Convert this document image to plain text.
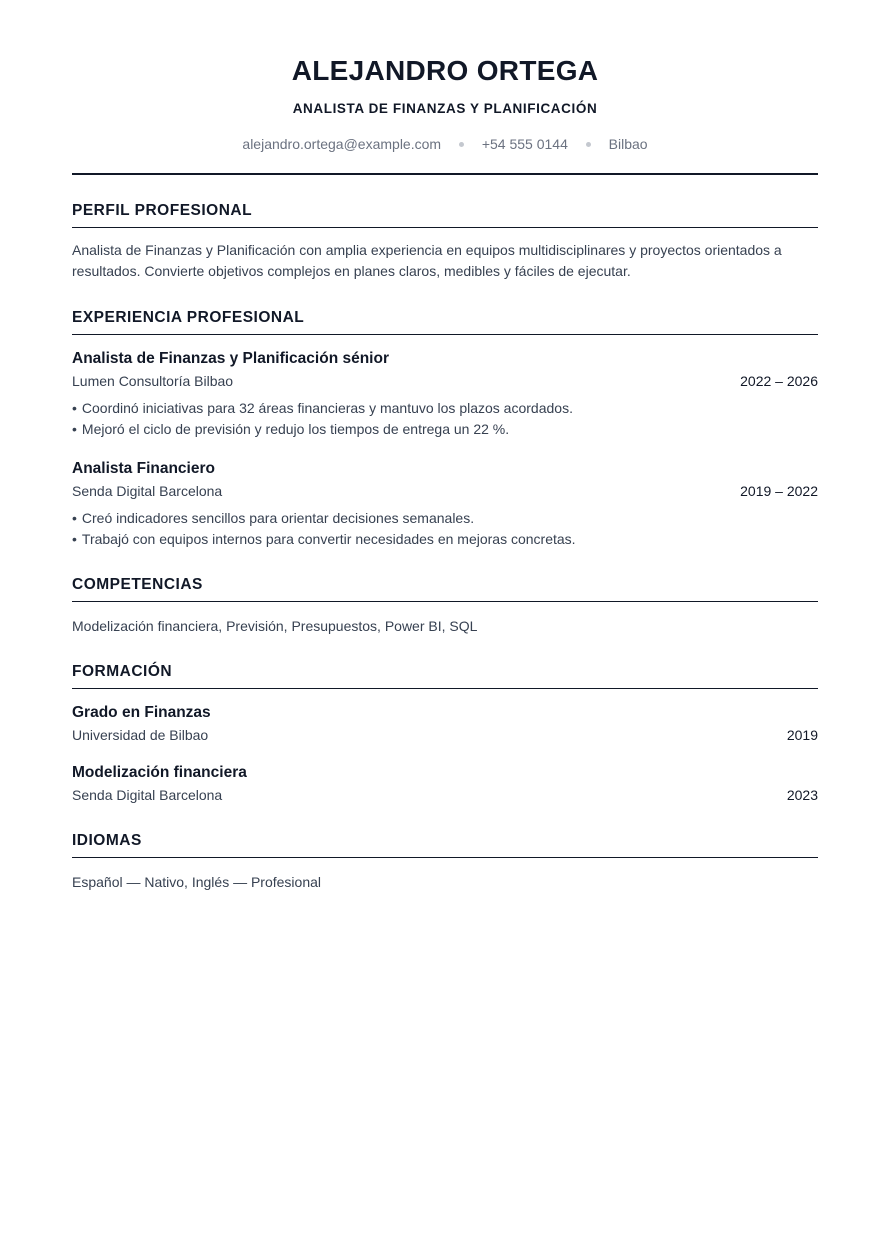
ALEJANDRO ORTEGA
ANALISTA DE FINANZAS Y PLANIFICACIÓN
alejandro.ortega@example.com	+54 555 0144	Bilbao
PERFIL PROFESIONAL
Analista de Finanzas y Planificación con amplia experiencia en equipos multidisciplinares y proyectos orientados a resultados. Convierte objetivos complejos en planes claros, medibles y fáciles de ejecutar.
EXPERIENCIA PROFESIONAL
Analista de Finanzas y Planificación sénior
Lumen Consultoría Bilbao	2022 – 2026
• Coordinó iniciativas para 32 áreas financieras y mantuvo los plazos acordados.
• Mejoró el ciclo de previsión y redujo los tiempos de entrega un 22 %.
Analista Financiero
Senda Digital Barcelona	2019 – 2022
• Creó indicadores sencillos para orientar decisiones semanales.
• Trabajó con equipos internos para convertir necesidades en mejoras concretas.
COMPETENCIAS
Modelización financiera, Previsión, Presupuestos, Power BI, SQL
FORMACIÓN
Grado en Finanzas
Universidad de Bilbao	2019
Modelización financiera
Senda Digital Barcelona	2023
IDIOMAS
Español — Nativo, Inglés — Profesional
